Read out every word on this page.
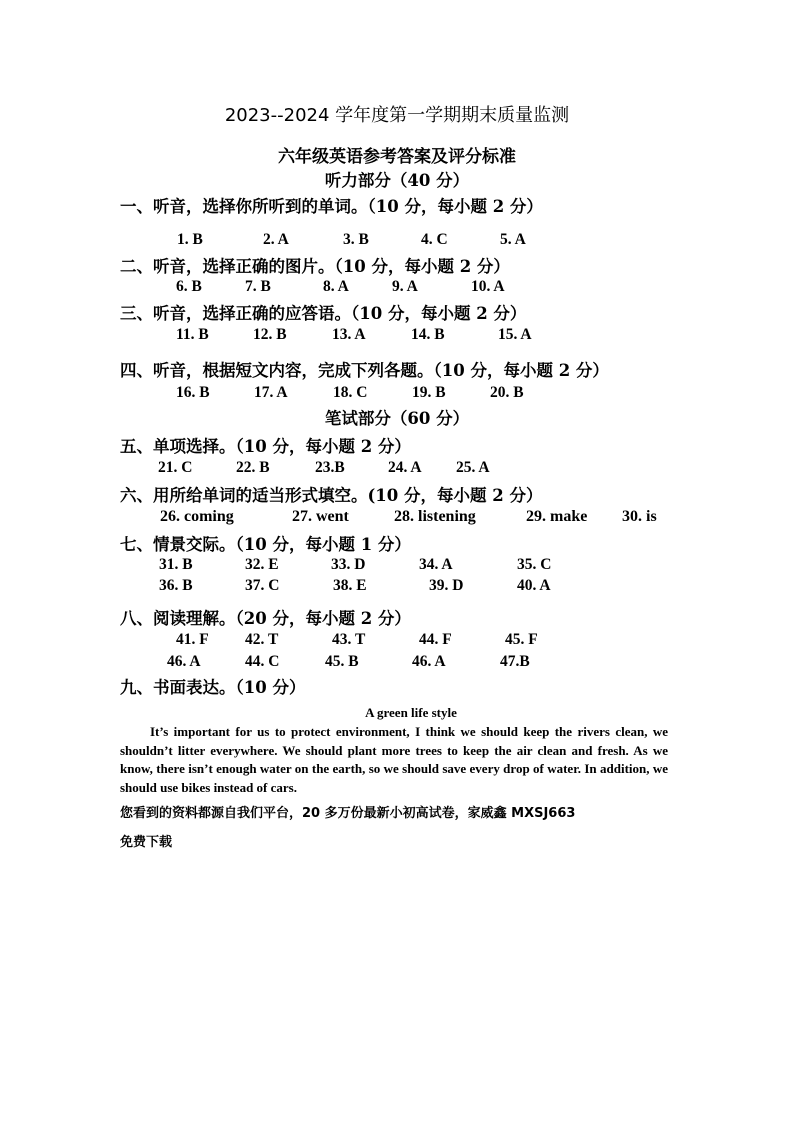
2023--2024 学年度第一学期期末质量监测
六年级英语参考答案及评分标准
听力部分（40 分）
一、听音，选择你所听到的单词。（10 分，每小题 2 分）
1. B	2. A	3. B	4. C	5. A
二、听音，选择正确的图片。（10 分，每小题 2 分）
6. B	7. B	8. A	9. A	10. A
三、听音，选择正确的应答语。（10 分，每小题 2 分）
11. B	12. B	13. A	14. B	15. A
四、听音，根据短文内容，完成下列各题。（10 分，每小题 2 分）
16. B	17. A	18. C	19. B	20. B
笔试部分（60 分）
五、单项选择。（10 分，每小题 2 分）
21. C	22. B	23.B	24. A 25. A
六、用所给单词的适当形式填空。(10 分，每小题 2 分）
26. coming	27. went	28. listening	29. make 30. is
七、情景交际。（10 分，每小题 1 分）
31. B	32. E	33. D	34. A	35. C
36. B	37. C	38. E	39. D	40. A
八、阅读理解。（20 分，每小题 2 分）
41. F 42. T	43. T	44. F	45. F
46. A	44. C	45. B	46. A	47.B
九、书面表达。（10 分）
A green life style
It’s important for us to protect environment, I think we should keep the rivers clean, we shouldn’t litter everywhere. We should plant more trees to keep the air clean and fresh. As we know, there isn’t enough water on the earth, so we should save every drop of water. In addition, we should use bikes instead of cars.
您看到的资料都源自我们平台，20 多万份最新小初高试卷，家威鑫 MXSJ663
免费下载
